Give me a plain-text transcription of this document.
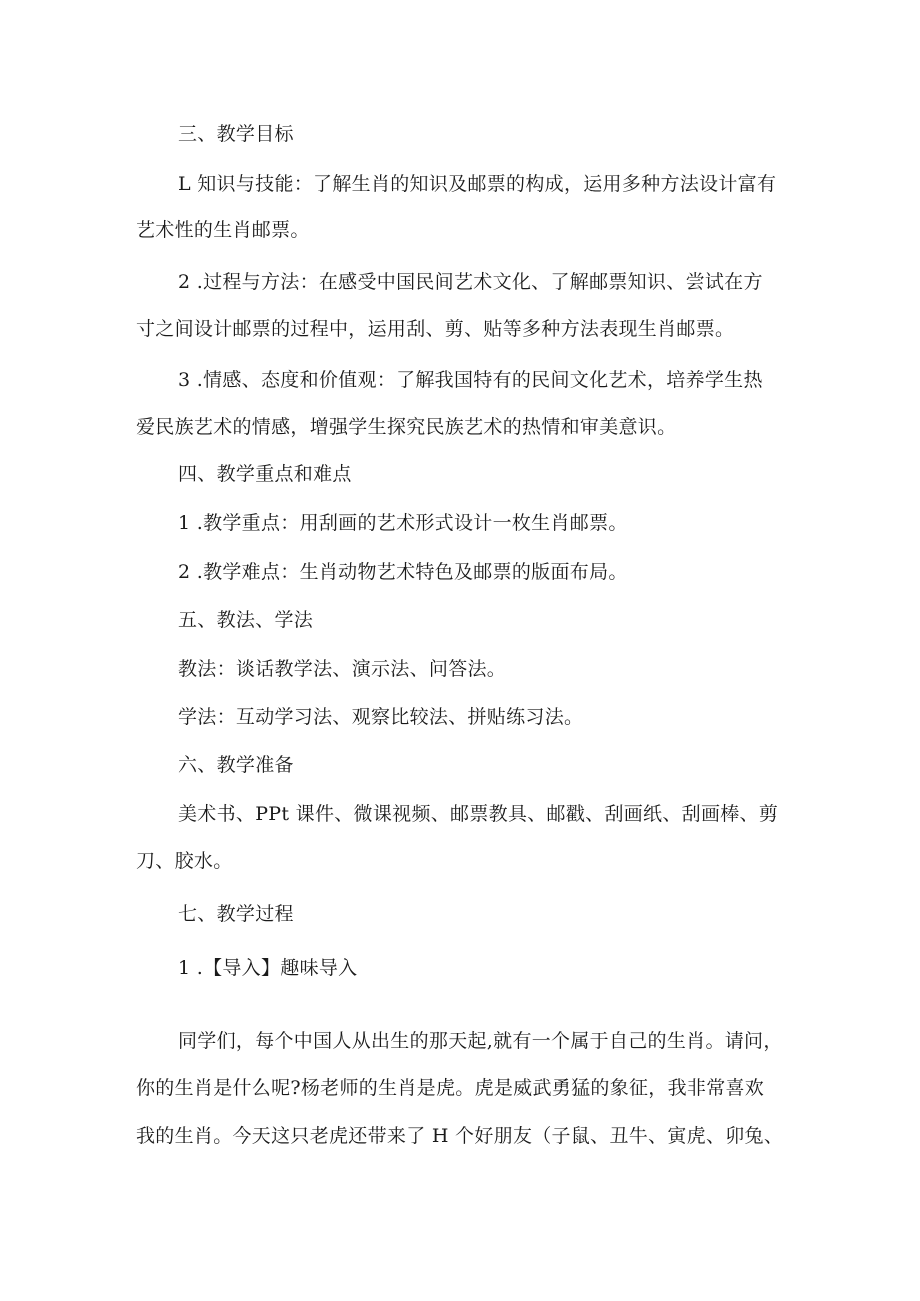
三、教学目标
L 知识与技能：了解生肖的知识及邮票的构成，运用多种方法设计富有
艺术性的生肖邮票。
2 .过程与方法：在感受中国民间艺术文化、了解邮票知识、尝试在方
寸之间设计邮票的过程中，运用刮、剪、贴等多种方法表现生肖邮票。
3 .情感、态度和价值观：了解我国特有的民间文化艺术，培养学生热
爱民族艺术的情感，增强学生探究民族艺术的热情和审美意识。
四、教学重点和难点
1 .教学重点：用刮画的艺术形式设计一枚生肖邮票。
2 .教学难点：生肖动物艺术特色及邮票的版面布局。
五、教法、学法
教法：谈话教学法、演示法、问答法。
学法：互动学习法、观察比较法、拼贴练习法。
六、教学准备
美术书、PPt 课件、微课视频、邮票教具、邮戳、刮画纸、刮画棒、剪
刀、胶水。
七、教学过程
1 .【导入】趣味导入
同学们，每个中国人从出生的那天起,就有一个属于自己的生肖。请问，
你的生肖是什么呢?杨老师的生肖是虎。虎是威武勇猛的象征，我非常喜欢
我的生肖。今天这只老虎还带来了 H 个好朋友（子鼠、丑牛、寅虎、卯兔、
